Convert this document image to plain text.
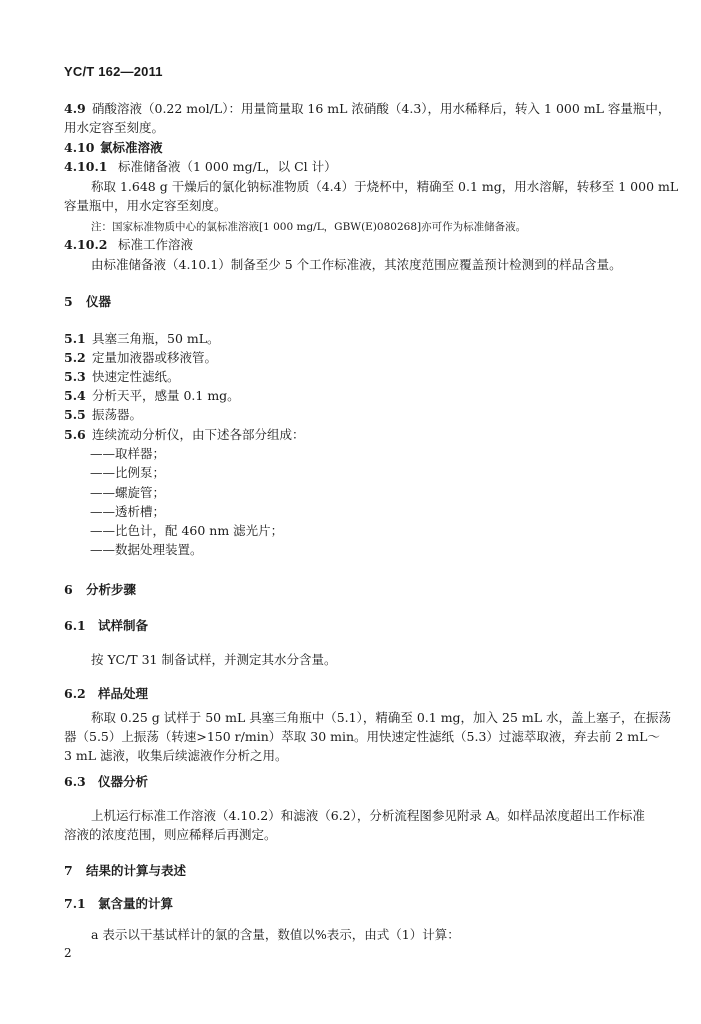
YC/T 162—2011
4.9 硝酸溶液（0.22 mol/L）：用量筒量取 16 mL 浓硝酸（4.3），用水稀释后，转入 1 000 mL 容量瓶中，
用水定容至刻度。
4.10 氯标准溶液
4.10.1 标准储备液（1 000 mg/L，以 Cl 计）
称取 1.648 g 干燥后的氯化钠标准物质（4.4）于烧杯中，精确至 0.1 mg，用水溶解，转移至 1 000 mL
容量瓶中，用水定容至刻度。
注：国家标准物质中心的氯标准溶液[1 000 mg/L，GBW(E)080268]亦可作为标准储备液。
4.10.2 标准工作溶液
由标准储备液（4.10.1）制备至少 5 个工作标准液，其浓度范围应覆盖预计检测到的样品含量。
5 仪器
5.1 具塞三角瓶，50 mL。
5.2 定量加液器或移液管。
5.3 快速定性滤纸。
5.4 分析天平，感量 0.1 mg。
5.5 振荡器。
5.6 连续流动分析仪，由下述各部分组成：
——取样器；
——比例泵；
——螺旋管；
——透析槽；
——比色计，配 460 nm 滤光片；
——数据处理装置。
6 分析步骤
6.1 试样制备
按 YC/T 31 制备试样，并测定其水分含量。
6.2 样品处理
称取 0.25 g 试样于 50 mL 具塞三角瓶中（5.1），精确至 0.1 mg，加入 25 mL 水，盖上塞子，在振荡
器（5.5）上振荡（转速>150 r/min）萃取 30 min。用快速定性滤纸（5.3）过滤萃取液，弃去前 2 mL～
3 mL 滤液，收集后续滤液作分析之用。
6.3 仪器分析
上机运行标准工作溶液（4.10.2）和滤液（6.2），分析流程图参见附录 A。如样品浓度超出工作标准
溶液的浓度范围，则应稀释后再测定。
7 结果的计算与表述
7.1 氯含量的计算
a 表示以干基试样计的氯的含量，数值以%表示，由式（1）计算：
2
